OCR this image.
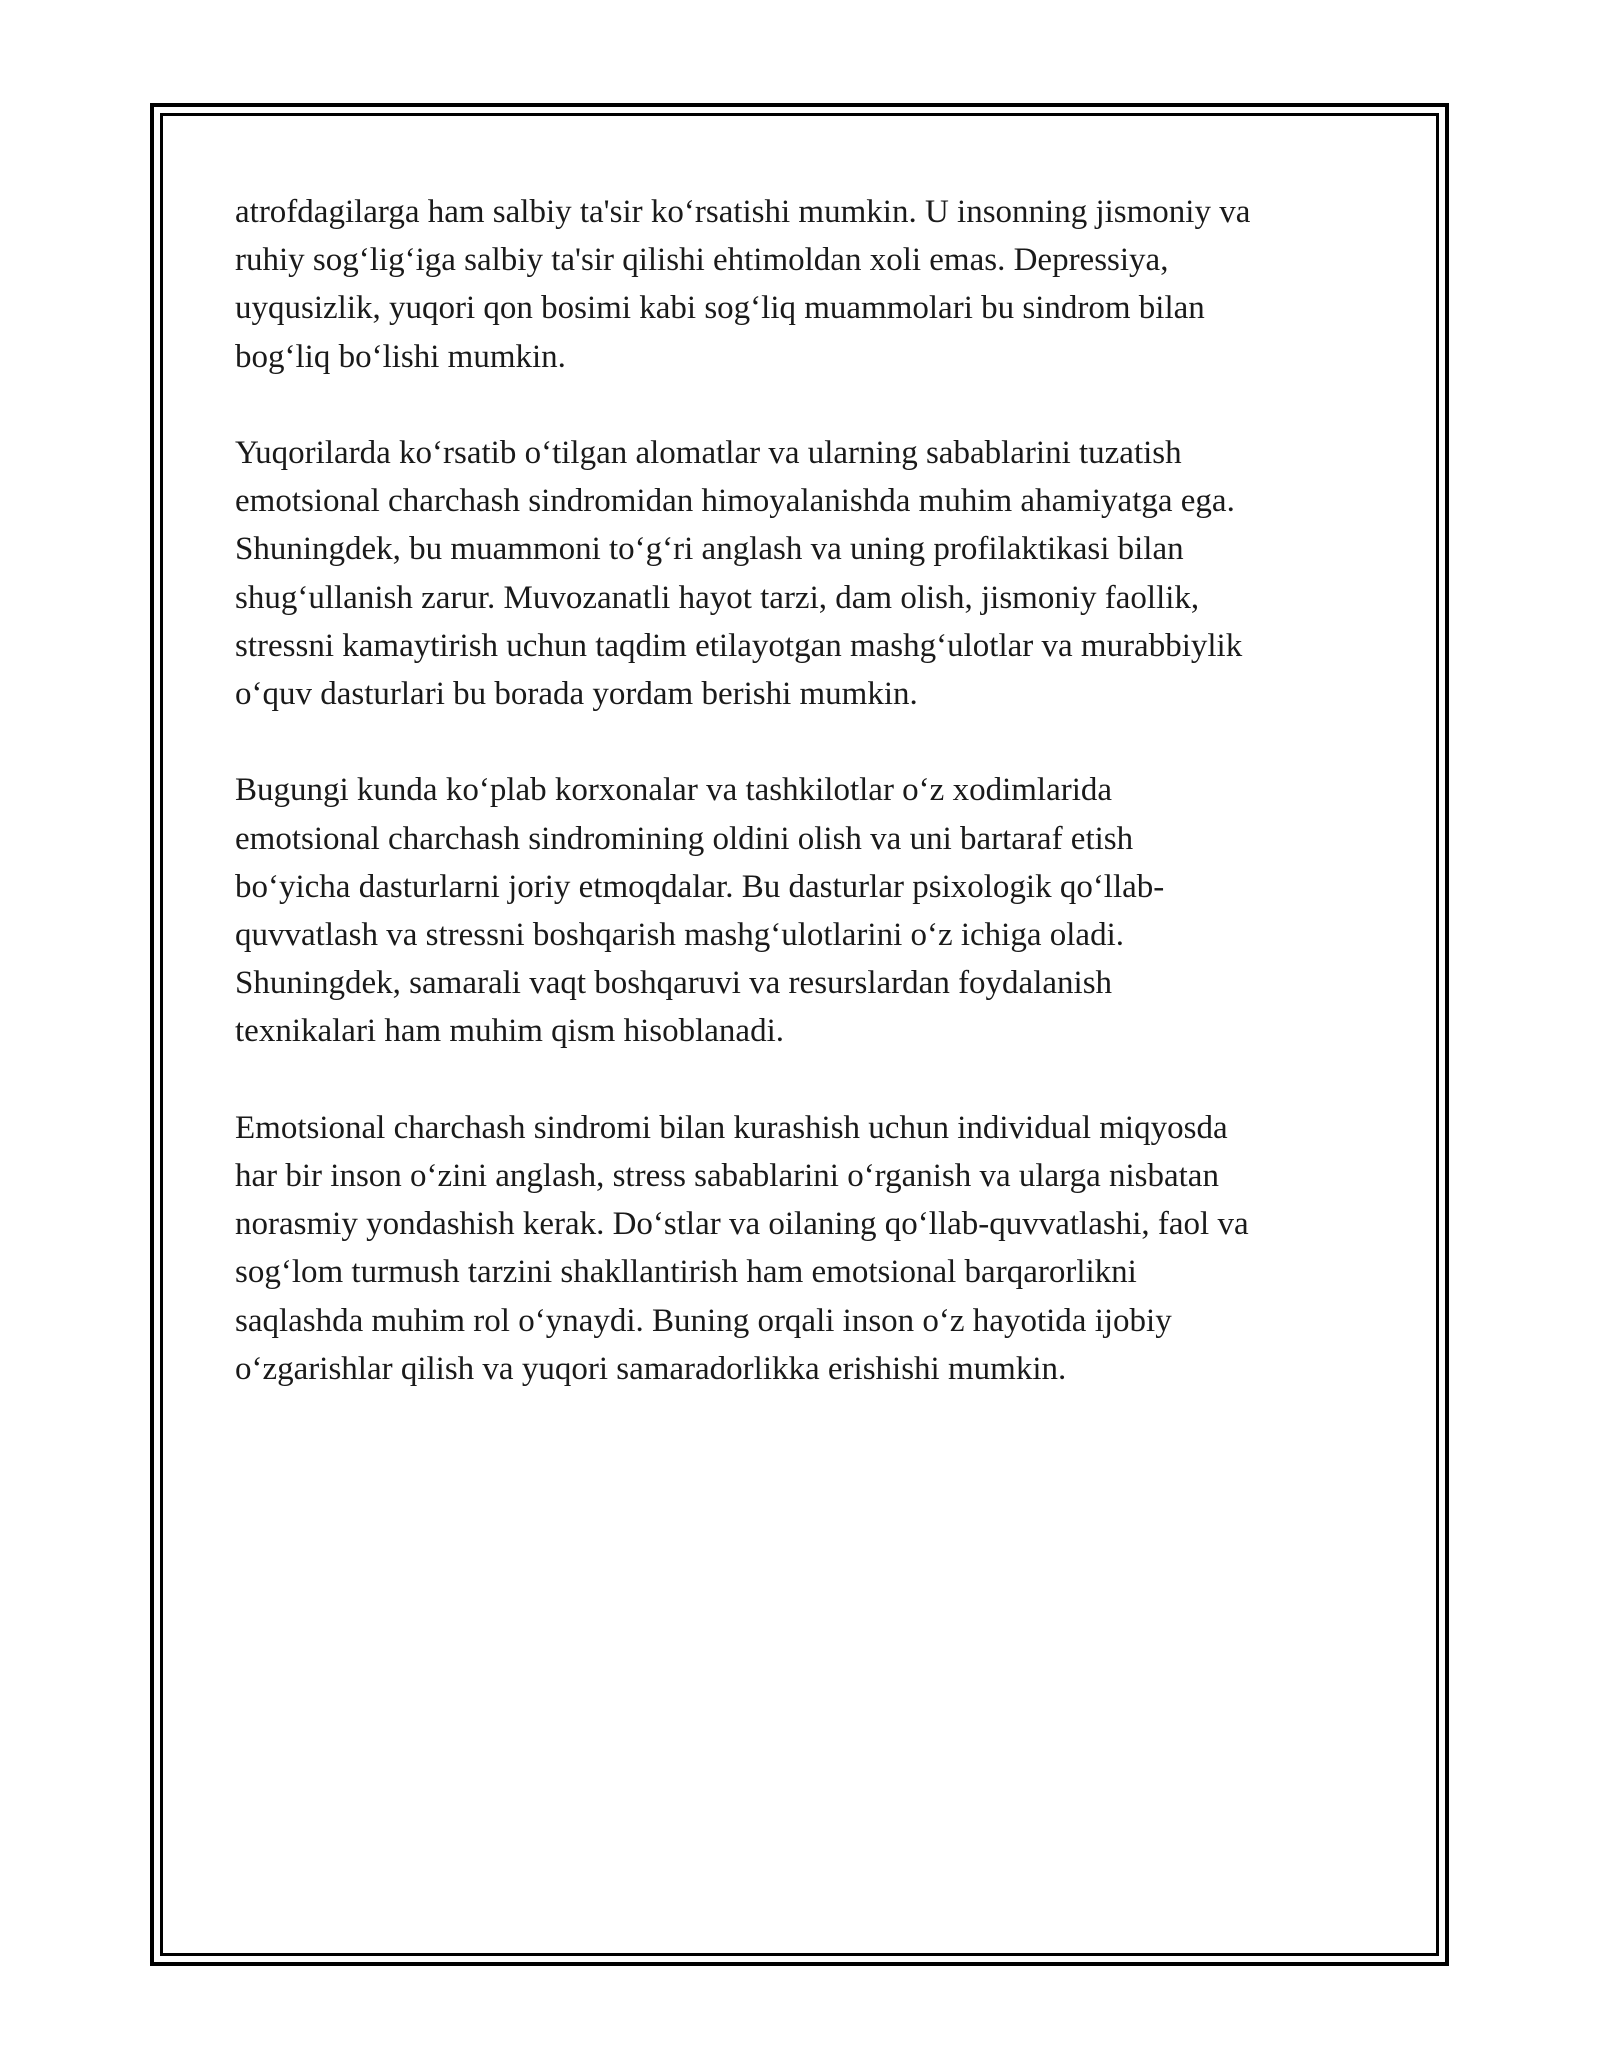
atrofdagilarga ham salbiy ta'sir ko‘rsatishi mumkin. U insonning jismoniy va
ruhiy sog‘lig‘iga salbiy ta'sir qilishi ehtimoldan xoli emas. Depressiya,
uyqusizlik, yuqori qon bosimi kabi sog‘liq muammolari bu sindrom bilan
bog‘liq bo‘lishi mumkin.

Yuqorilarda ko‘rsatib o‘tilgan alomatlar va ularning sabablarini tuzatish
emotsional charchash sindromidan himoyalanishda muhim ahamiyatga ega.
Shuningdek, bu muammoni to‘g‘ri anglash va uning profilaktikasi bilan
shug‘ullanish zarur. Muvozanatli hayot tarzi, dam olish, jismoniy faollik,
stressni kamaytirish uchun taqdim etilayotgan mashg‘ulotlar va murabbiylik
o‘quv dasturlari bu borada yordam berishi mumkin.

Bugungi kunda ko‘plab korxonalar va tashkilotlar o‘z xodimlarida
emotsional charchash sindromining oldini olish va uni bartaraf etish
bo‘yicha dasturlarni joriy etmoqdalar. Bu dasturlar psixologik qo‘llab-
quvvatlash va stressni boshqarish mashg‘ulotlarini o‘z ichiga oladi.
Shuningdek, samarali vaqt boshqaruvi va resurslardan foydalanish
texnikalari ham muhim qism hisoblanadi.

Emotsional charchash sindromi bilan kurashish uchun individual miqyosda
har bir inson o‘zini anglash, stress sabablarini o‘rganish va ularga nisbatan
norasmiy yondashish kerak. Do‘stlar va oilaning qo‘llab-quvvatlashi, faol va
sog‘lom turmush tarzini shakllantirish ham emotsional barqarorlikni
saqlashda muhim rol o‘ynaydi. Buning orqali inson o‘z hayotida ijobiy
o‘zgarishlar qilish va yuqori samaradorlikka erishishi mumkin.
